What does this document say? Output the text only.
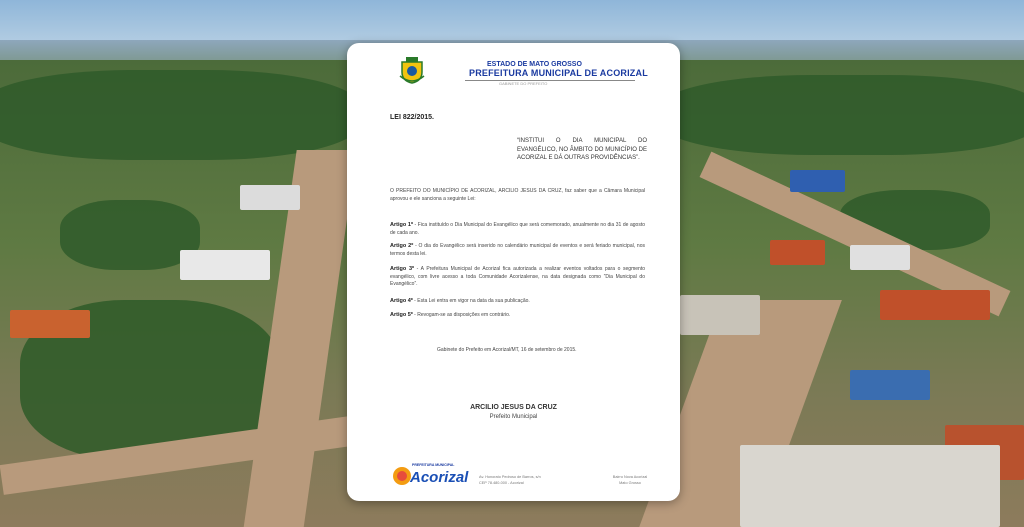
ESTADO DE MATO GROSSO
PREFEITURA MUNICIPAL DE ACORIZAL
GABINETE DO PREFEITO
LEI 822/2015.
“INSTITUI O DIA MUNICIPAL DO EVANGÉLICO, NO ÂMBITO DO MUNICÍPIO DE ACORIZAL E DÁ OUTRAS PROVIDÊNCIAS”.
O PREFEITO DO MUNICÍPIO DE ACORIZAL, ARCILIO JESUS DA CRUZ, faz saber que a Câmara Municipal aprovou e ele sanciona a seguinte Lei:
Artigo 1º - Fica instituído o Dia Municipal do Evangélico que será comemorado, anualmente no dia 31 de agosto de cada ano.
Artigo 2º - O dia do Evangélico será inserido no calendário municipal de eventos e será feriado municipal, nos termos desta lei.
Artigo 3º - A Prefeitura Municipal de Acorizal fica autorizada a realizar eventos voltados para o segmento evangélico, com livre acesso a toda Comunidade Acorizalense, na data designada como “Dia Municipal do Evangélico”.
Artigo 4º - Esta Lei entra em vigor na data da sua publicação.
Artigo 5º - Revogam-se as disposições em contrário.
Gabinete do Prefeito em Acorizal/MT, 16 de setembro de 2015.
ARCILIO JESUS DA CRUZ
Prefeito Municipal
PREFEITURA MUNICIPAL
Acorizal	Av. Honorato Pedroso de Barros, s/n
CEP 78.480-000 - Acorizal
Bairro Nova Acorizal
Mato Grosso
